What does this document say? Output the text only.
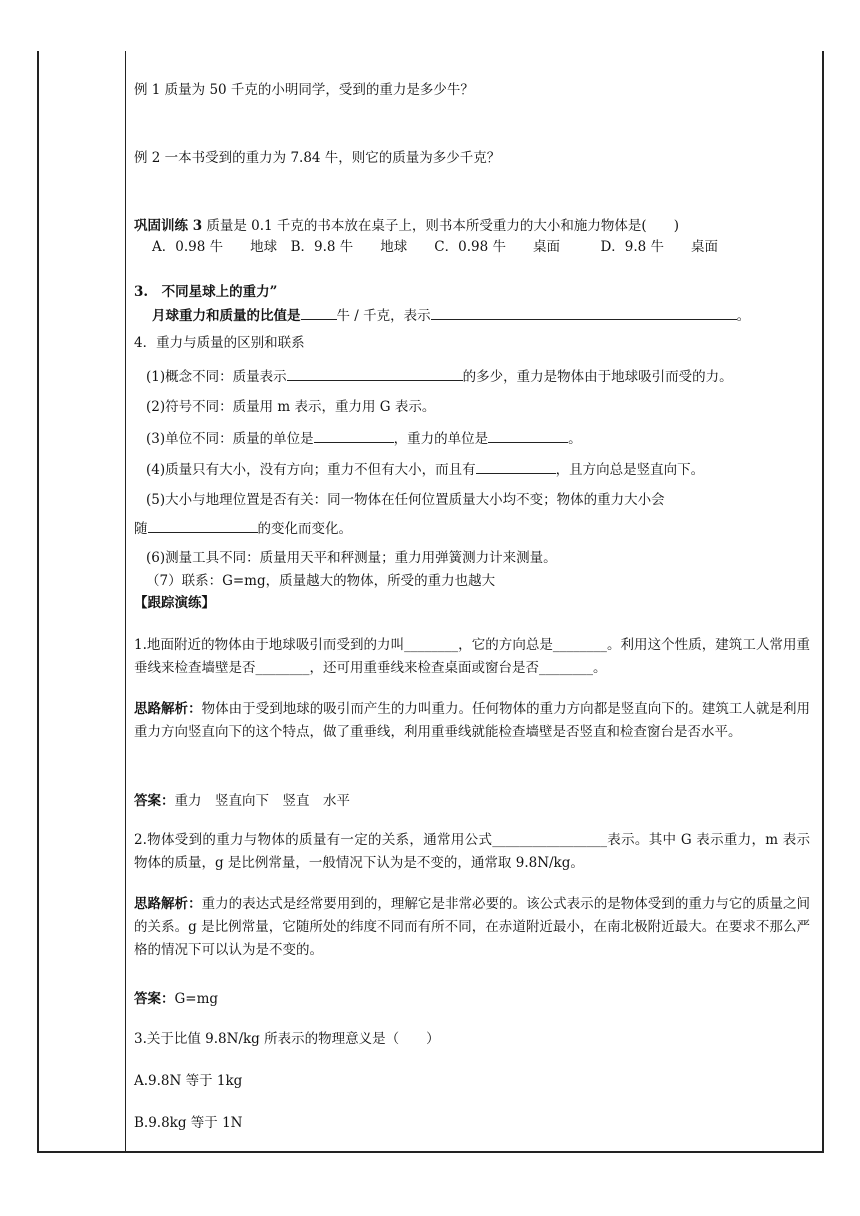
例 1 质量为 50 千克的小明同学，受到的重力是多少牛？
例 2 一本书受到的重力为 7.84 牛，则它的质量为多少千克？
巩固训练 3 质量是 0.1 千克的书本放在桌子上，则书本所受重力的大小和施力物体是(　　)
A．0.98 牛　　地球　B．9.8 牛　　地球　　C．0.98 牛　　桌面　　　D．9.8 牛　　桌面
3.　不同星球上的重力”
月球重力和质量的比值是	牛 / 千克，表示	。
4．重力与质量的区别和联系
(1)概念不同：质量表示	的多少，重力是物体由于地球吸引而受的力。
(2)符号不同：质量用 m 表示，重力用 G 表示。
(3)单位不同：质量的单位是	，重力的单位是	。
(4)质量只有大小，没有方向；重力不但有大小，而且有	，且方向总是竖直向下。
(5)大小与地理位置是否有关：同一物体在任何位置质量大小均不变；物体的重力大小会
随	的变化而变化。
(6)测量工具不同：质量用天平和秤测量；重力用弹簧测力计来测量。
（7）联系：G=mg，质量越大的物体，所受的重力也越大
【跟踪演练】
1.地面附近的物体由于地球吸引而受到的力叫________，它的方向总是________。利用这个性质，建筑工人常用重垂线来检查墙壁是否________，还可用重垂线来检查桌面或窗台是否________。
思路解析：物体由于受到地球的吸引而产生的力叫重力。任何物体的重力方向都是竖直向下的。建筑工人就是利用重力方向竖直向下的这个特点，做了重垂线，利用重垂线就能检查墙壁是否竖直和检查窗台是否水平。
答案：重力　竖直向下　竖直　水平
2.物体受到的重力与物体的质量有一定的关系，通常用公式_________________表示。其中 G 表示重力，m 表示物体的质量，g 是比例常量，一般情况下认为是不变的，通常取 9.8N/kg。
思路解析：重力的表达式是经常要用到的，理解它是非常必要的。该公式表示的是物体受到的重力与它的质量之间的关系。g 是比例常量，它随所处的纬度不同而有所不同，在赤道附近最小，在南北极附近最大。在要求不那么严格的情况下可以认为是不变的。
答案：G=mg
3.关于比值 9.8N/kg 所表示的物理意义是（　　）
A.9.8N 等于 1kg
B.9.8kg 等于 1N
